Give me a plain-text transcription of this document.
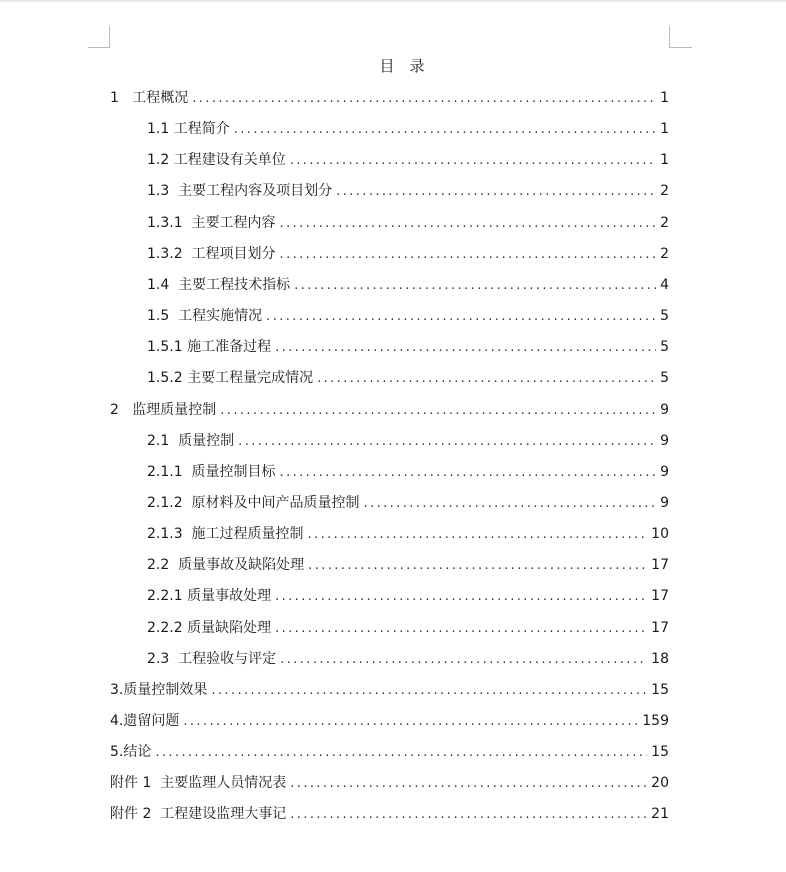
目　录
1   工程概况 .....	1
1.1 工程简介 .....	1
1.2 工程建设有关单位 .....	1
1.3  主要工程内容及项目划分 .....	2
1.3.1  主要工程内容 .....	2
1.3.2  工程项目划分 .....	2
1.4  主要工程技术指标 .....	4
1.5  工程实施情况 .....	5
1.5.1 施工准备过程 .....	5
1.5.2 主要工程量完成情况 .....	5
2   监理质量控制 .....	9
2.1  质量控制 .....	9
2.1.1  质量控制目标 .....	9
2.1.2  原材料及中间产品质量控制 .....	9
2.1.3  施工过程质量控制 .....	10
2.2  质量事故及缺陷处理 .....	17
2.2.1 质量事故处理 .....	17
2.2.2 质量缺陷处理 .....	17
2.3  工程验收与评定 .....	18
3.质量控制效果 .....	15
4.遗留问题 .....	159
5.结论 .....	15
附件 1  主要监理人员情况表 .....	20
附件 2  工程建设监理大事记 .....	21
